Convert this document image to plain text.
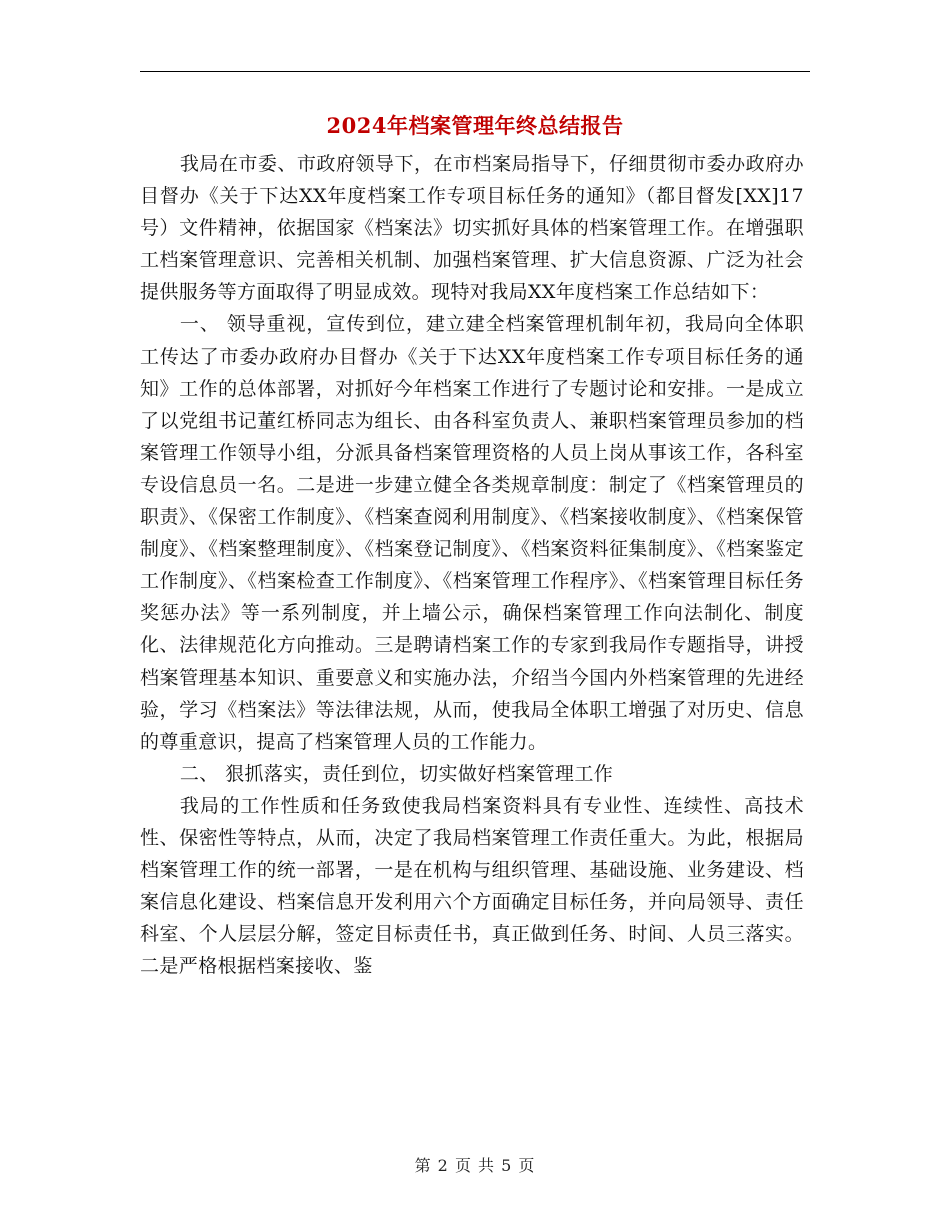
2024年档案管理年终总结报告

我局在市委、市政府领导下，在市档案局指导下，仔细贯彻市委办政府办目督办《关于下达XX年度档案工作专项目标任务的通知》（都目督发[XX]17号）文件精神，依据国家《档案法》切实抓好具体的档案管理工作。在增强职工档案管理意识、完善相关机制、加强档案管理、扩大信息资源、广泛为社会提供服务等方面取得了明显成效。现特对我局XX年度档案工作总结如下：

一、 领导重视，宣传到位，建立建全档案管理机制年初，我局向全体职工传达了市委办政府办目督办《关于下达XX年度档案工作专项目标任务的通知》工作的总体部署，对抓好今年档案工作进行了专题讨论和安排。一是成立了以党组书记董红桥同志为组长、由各科室负责人、兼职档案管理员参加的档案管理工作领导小组，分派具备档案管理资格的人员上岗从事该工作，各科室专设信息员一名。二是进一步建立健全各类规章制度：制定了《档案管理员的职责》、《保密工作制度》、《档案查阅利用制度》、《档案接收制度》、《档案保管制度》、《档案整理制度》、《档案登记制度》、《档案资料征集制度》、《档案鉴定工作制度》、《档案检查工作制度》、《档案管理工作程序》、《档案管理目标任务奖惩办法》等一系列制度，并上墙公示，确保档案管理工作向法制化、制度化、法律规范化方向推动。三是聘请档案工作的专家到我局作专题指导，讲授档案管理基本知识、重要意义和实施办法，介绍当今国内外档案管理的先进经验，学习《档案法》等法律法规，从而，使我局全体职工增强了对历史、信息的尊重意识，提高了档案管理人员的工作能力。

二、 狠抓落实，责任到位，切实做好档案管理工作

我局的工作性质和任务致使我局档案资料具有专业性、连续性、高技术性、保密性等特点，从而，决定了我局档案管理工作责任重大。为此，根据局档案管理工作的统一部署，一是在机构与组织管理、基础设施、业务建设、档案信息化建设、档案信息开发利用六个方面确定目标任务，并向局领导、责任科室、个人层层分解，签定目标责任书，真正做到任务、时间、人员三落实。二是严格根据档案接收、鉴

第 2 页 共 5 页
